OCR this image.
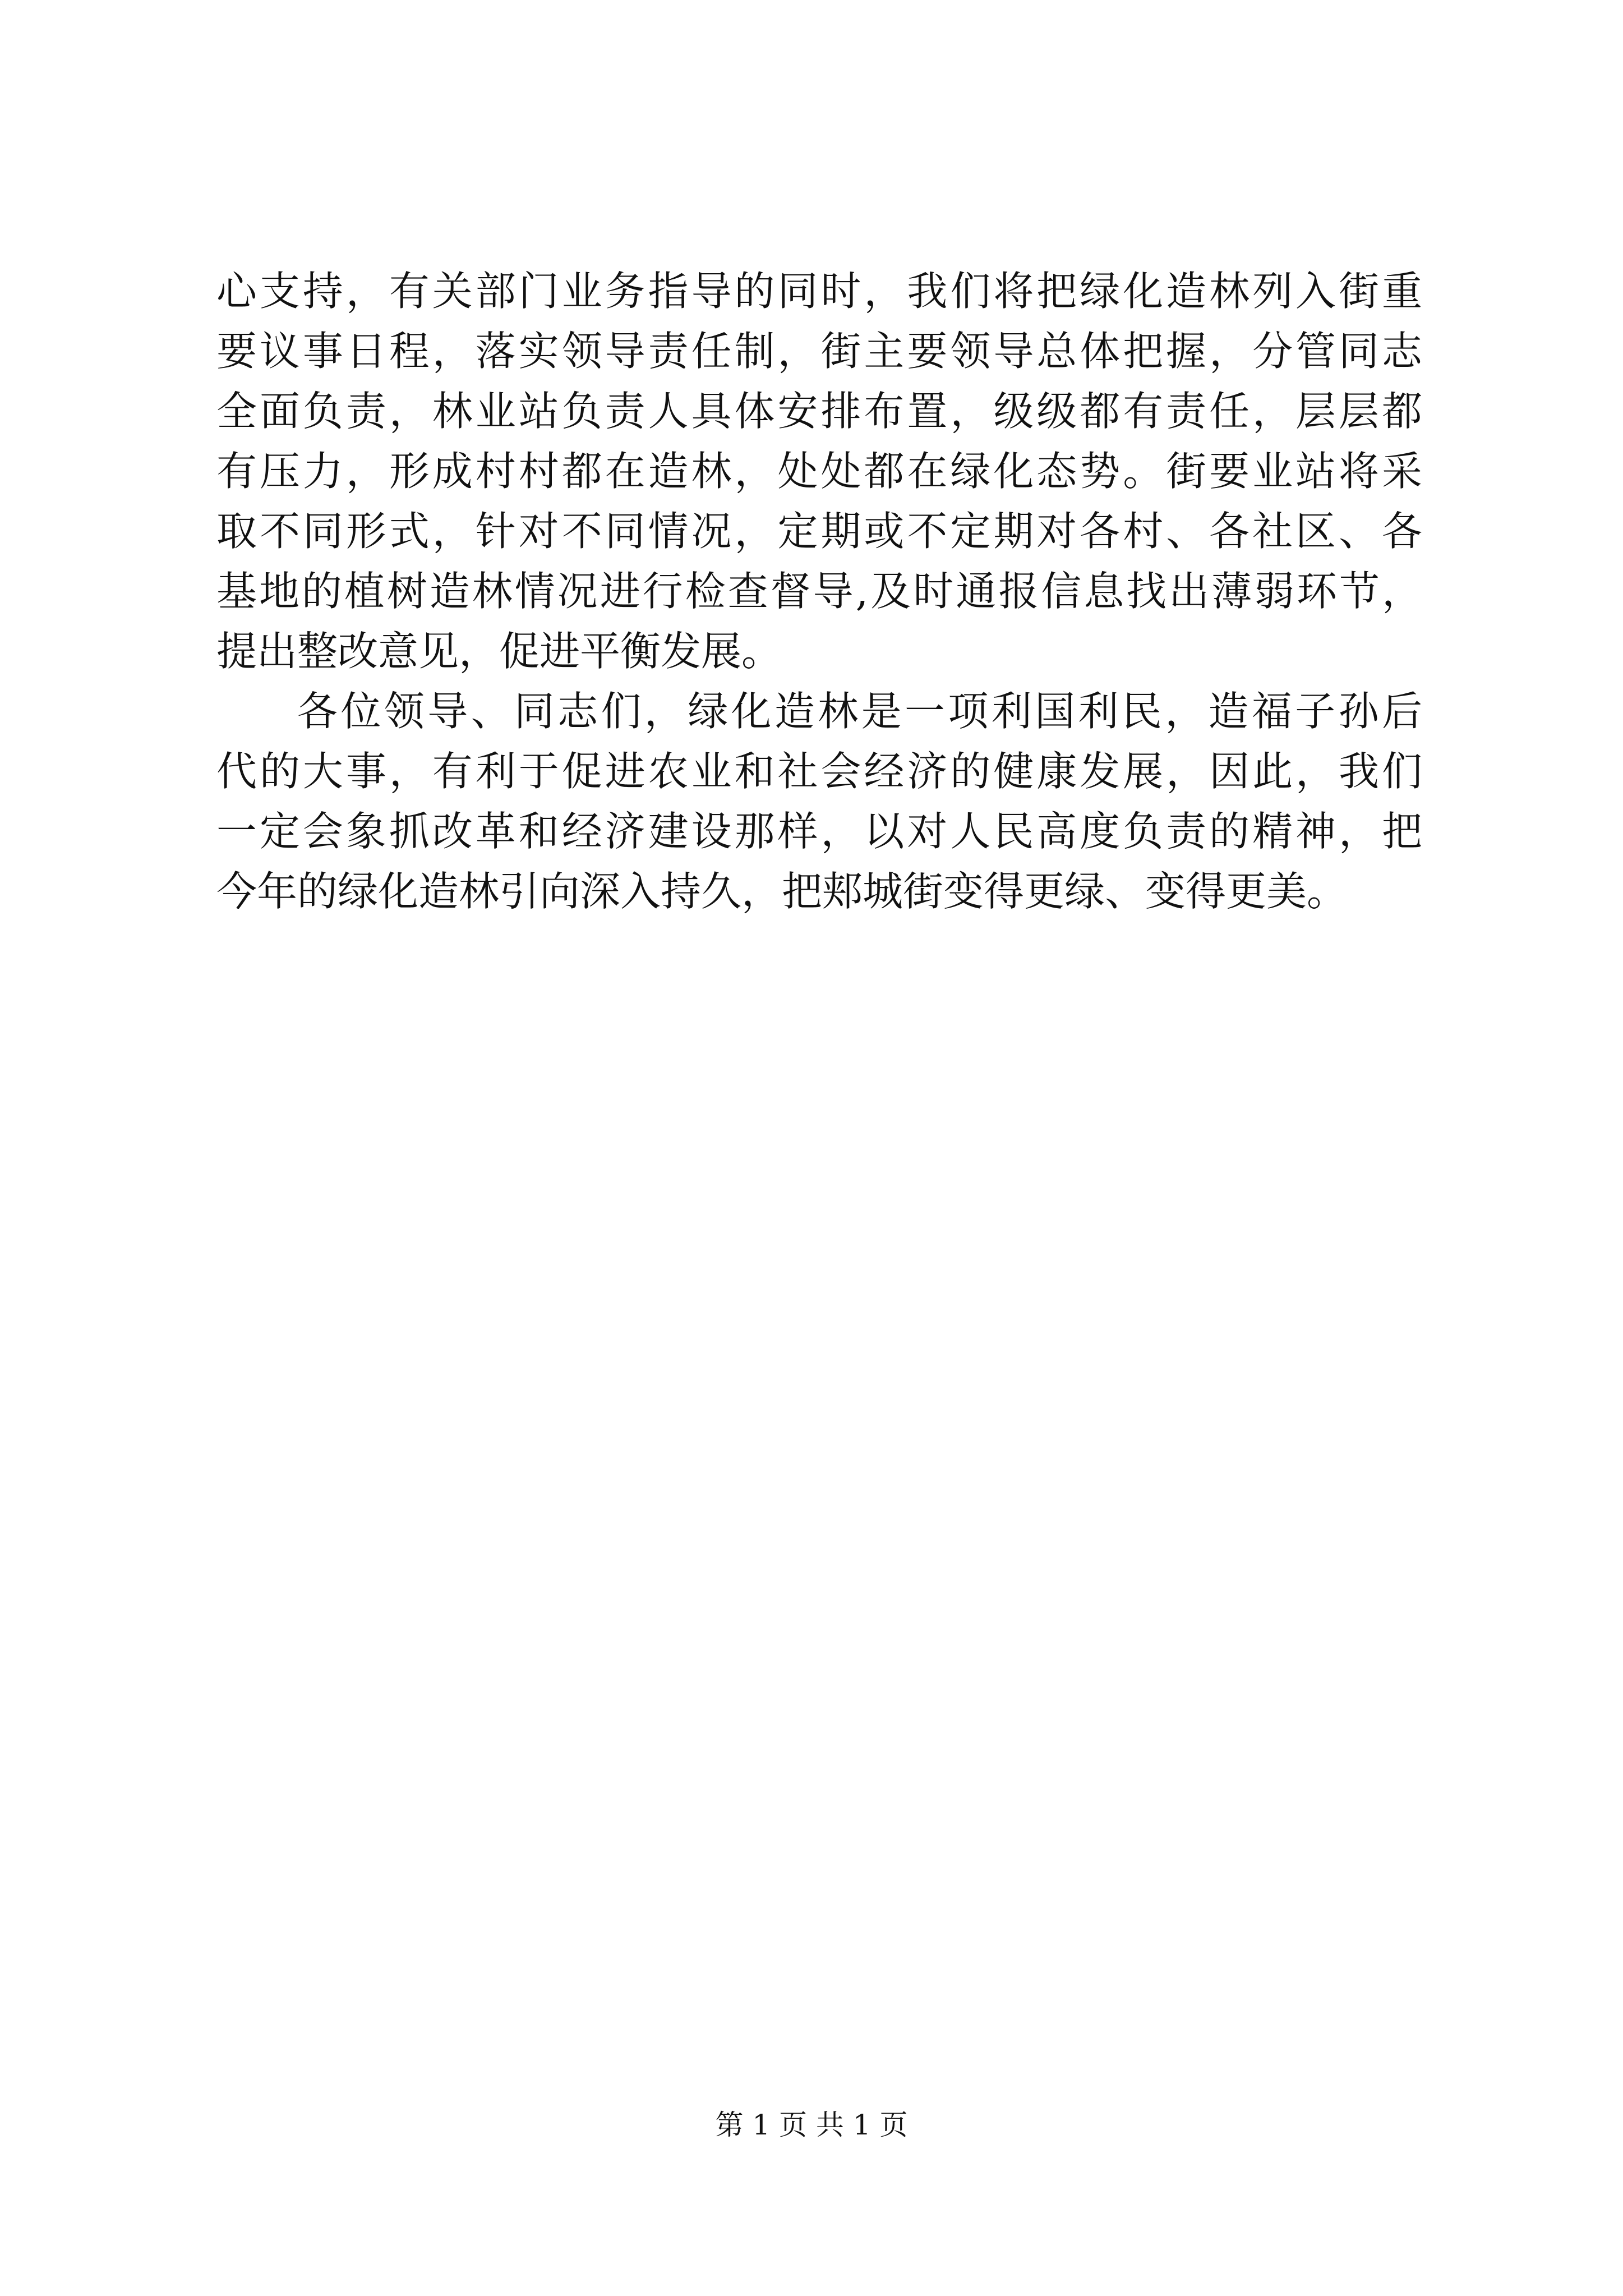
心支持，有关部门业务指导的同时，我们将把绿化造林列入街重
要议事日程，落实领导责任制，街主要领导总体把握，分管同志
全面负责，林业站负责人具体安排布置，级级都有责任，层层都
有压力，形成村村都在造林，处处都在绿化态势。街要业站将采
取不同形式，针对不同情况，定期或不定期对各村、各社区、各
基地的植树造林情况进行检查督导,及时通报信息找出薄弱环节，
提出整改意见，促进平衡发展。
各位领导、同志们，绿化造林是一项利国利民，造福子孙后
代的大事，有利于促进农业和社会经济的健康发展，因此，我们
一定会象抓改革和经济建设那样，以对人民高度负责的精神，把
今年的绿化造林引向深入持久，把郏城街变得更绿、变得更美。
第 1 页 共 1 页
